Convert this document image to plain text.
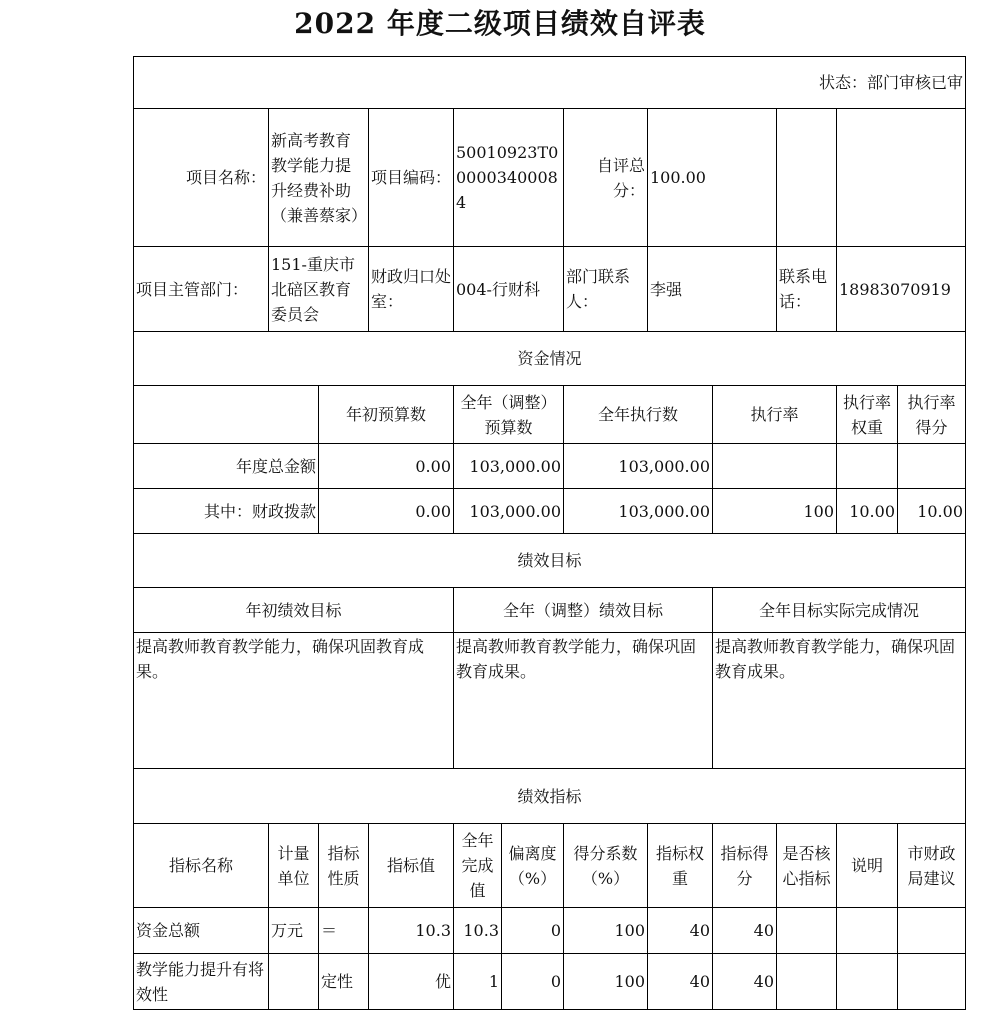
2022 年度二级项目绩效自评表
状态：部门审核已审											
项目名称：	新高考教育教学能力提升经费补助（兼善蔡家）		项目编码：	50010923T000003400084		自评总分：	100.00				
项目主管部门：	151-重庆市北碚区教育委员会		财政归口处室：	004-行财科		部门联系人：	李强		联系电话：	18983070919	
资金情况											
		年初预算数		全年（调整）预算数		全年执行数		执行率		执行率权重	执行率得分
年度总金额		0.00		103,000.00		103,000.00					
其中：财政拨款		0.00		103,000.00		103,000.00		100		10.00	10.00
绩效目标											
年初绩效目标				全年（调整）绩效目标				全年目标实际完成情况			
提高教师教育教学能力，确保巩固教育成果。				提高教师教育教学能力，确保巩固教育成果。				提高教师教育教学能力，确保巩固教育成果。			
绩效指标											
指标名称	计量单位	指标性质	指标值	全年完成值	偏离度（%）	得分系数（%）	指标权重	指标得分	是否核心指标	说明	市财政局建议
资金总额	万元	＝	10.3	10.3	0	100	40	40			
教学能力提升有将效性		定性	优	1	0	100	40	40			
